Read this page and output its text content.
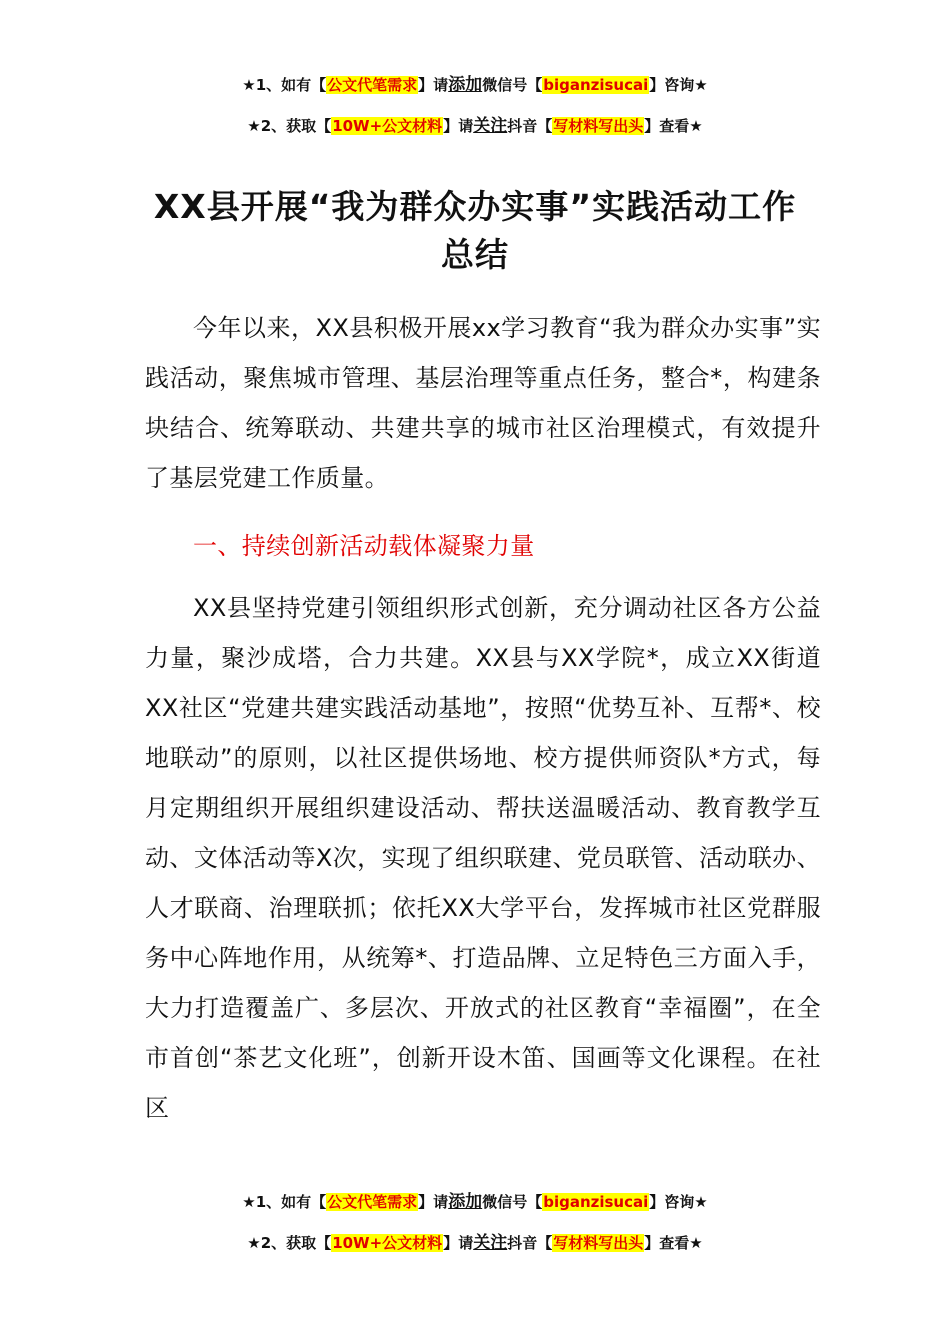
★1、如有【公文代笔需求】请添加微信号【biganzisucai】咨询★
★2、获取【10W+公文材料】请关注抖音【写材料写出头】查看★
XX县开展“我为群众办实事”实践活动工作总结

今年以来，XX县积极开展xx学习教育“我为群众办实事”实践活动，聚焦城市管理、基层治理等重点任务，整合*，构建条块结合、统筹联动、共建共享的城市社区治理模式，有效提升了基层党建工作质量。

一、持续创新活动载体凝聚力量

XX县坚持党建引领组织形式创新，充分调动社区各方公益力量，聚沙成塔，合力共建。XX县与XX学院*，成立XX街道XX社区“党建共建实践活动基地”，按照“优势互补、互帮*、校地联动”的原则，以社区提供场地、校方提供师资队*方式，每月定期组织开展组织建设活动、帮扶送温暖活动、教育教学互动、文体活动等X次，实现了组织联建、党员联管、活动联办、人才联商、治理联抓；依托XX大学平台，发挥城市社区党群服务中心阵地作用，从统筹*、打造品牌、立足特色三方面入手，大力打造覆盖广、多层次、开放式的社区教育“幸福圈”，在全市首创“茶艺文化班”，创新开设木笛、国画等文化课程。在社区

★1、如有【公文代笔需求】请添加微信号【biganzisucai】咨询★
★2、获取【10W+公文材料】请关注抖音【写材料写出头】查看★
